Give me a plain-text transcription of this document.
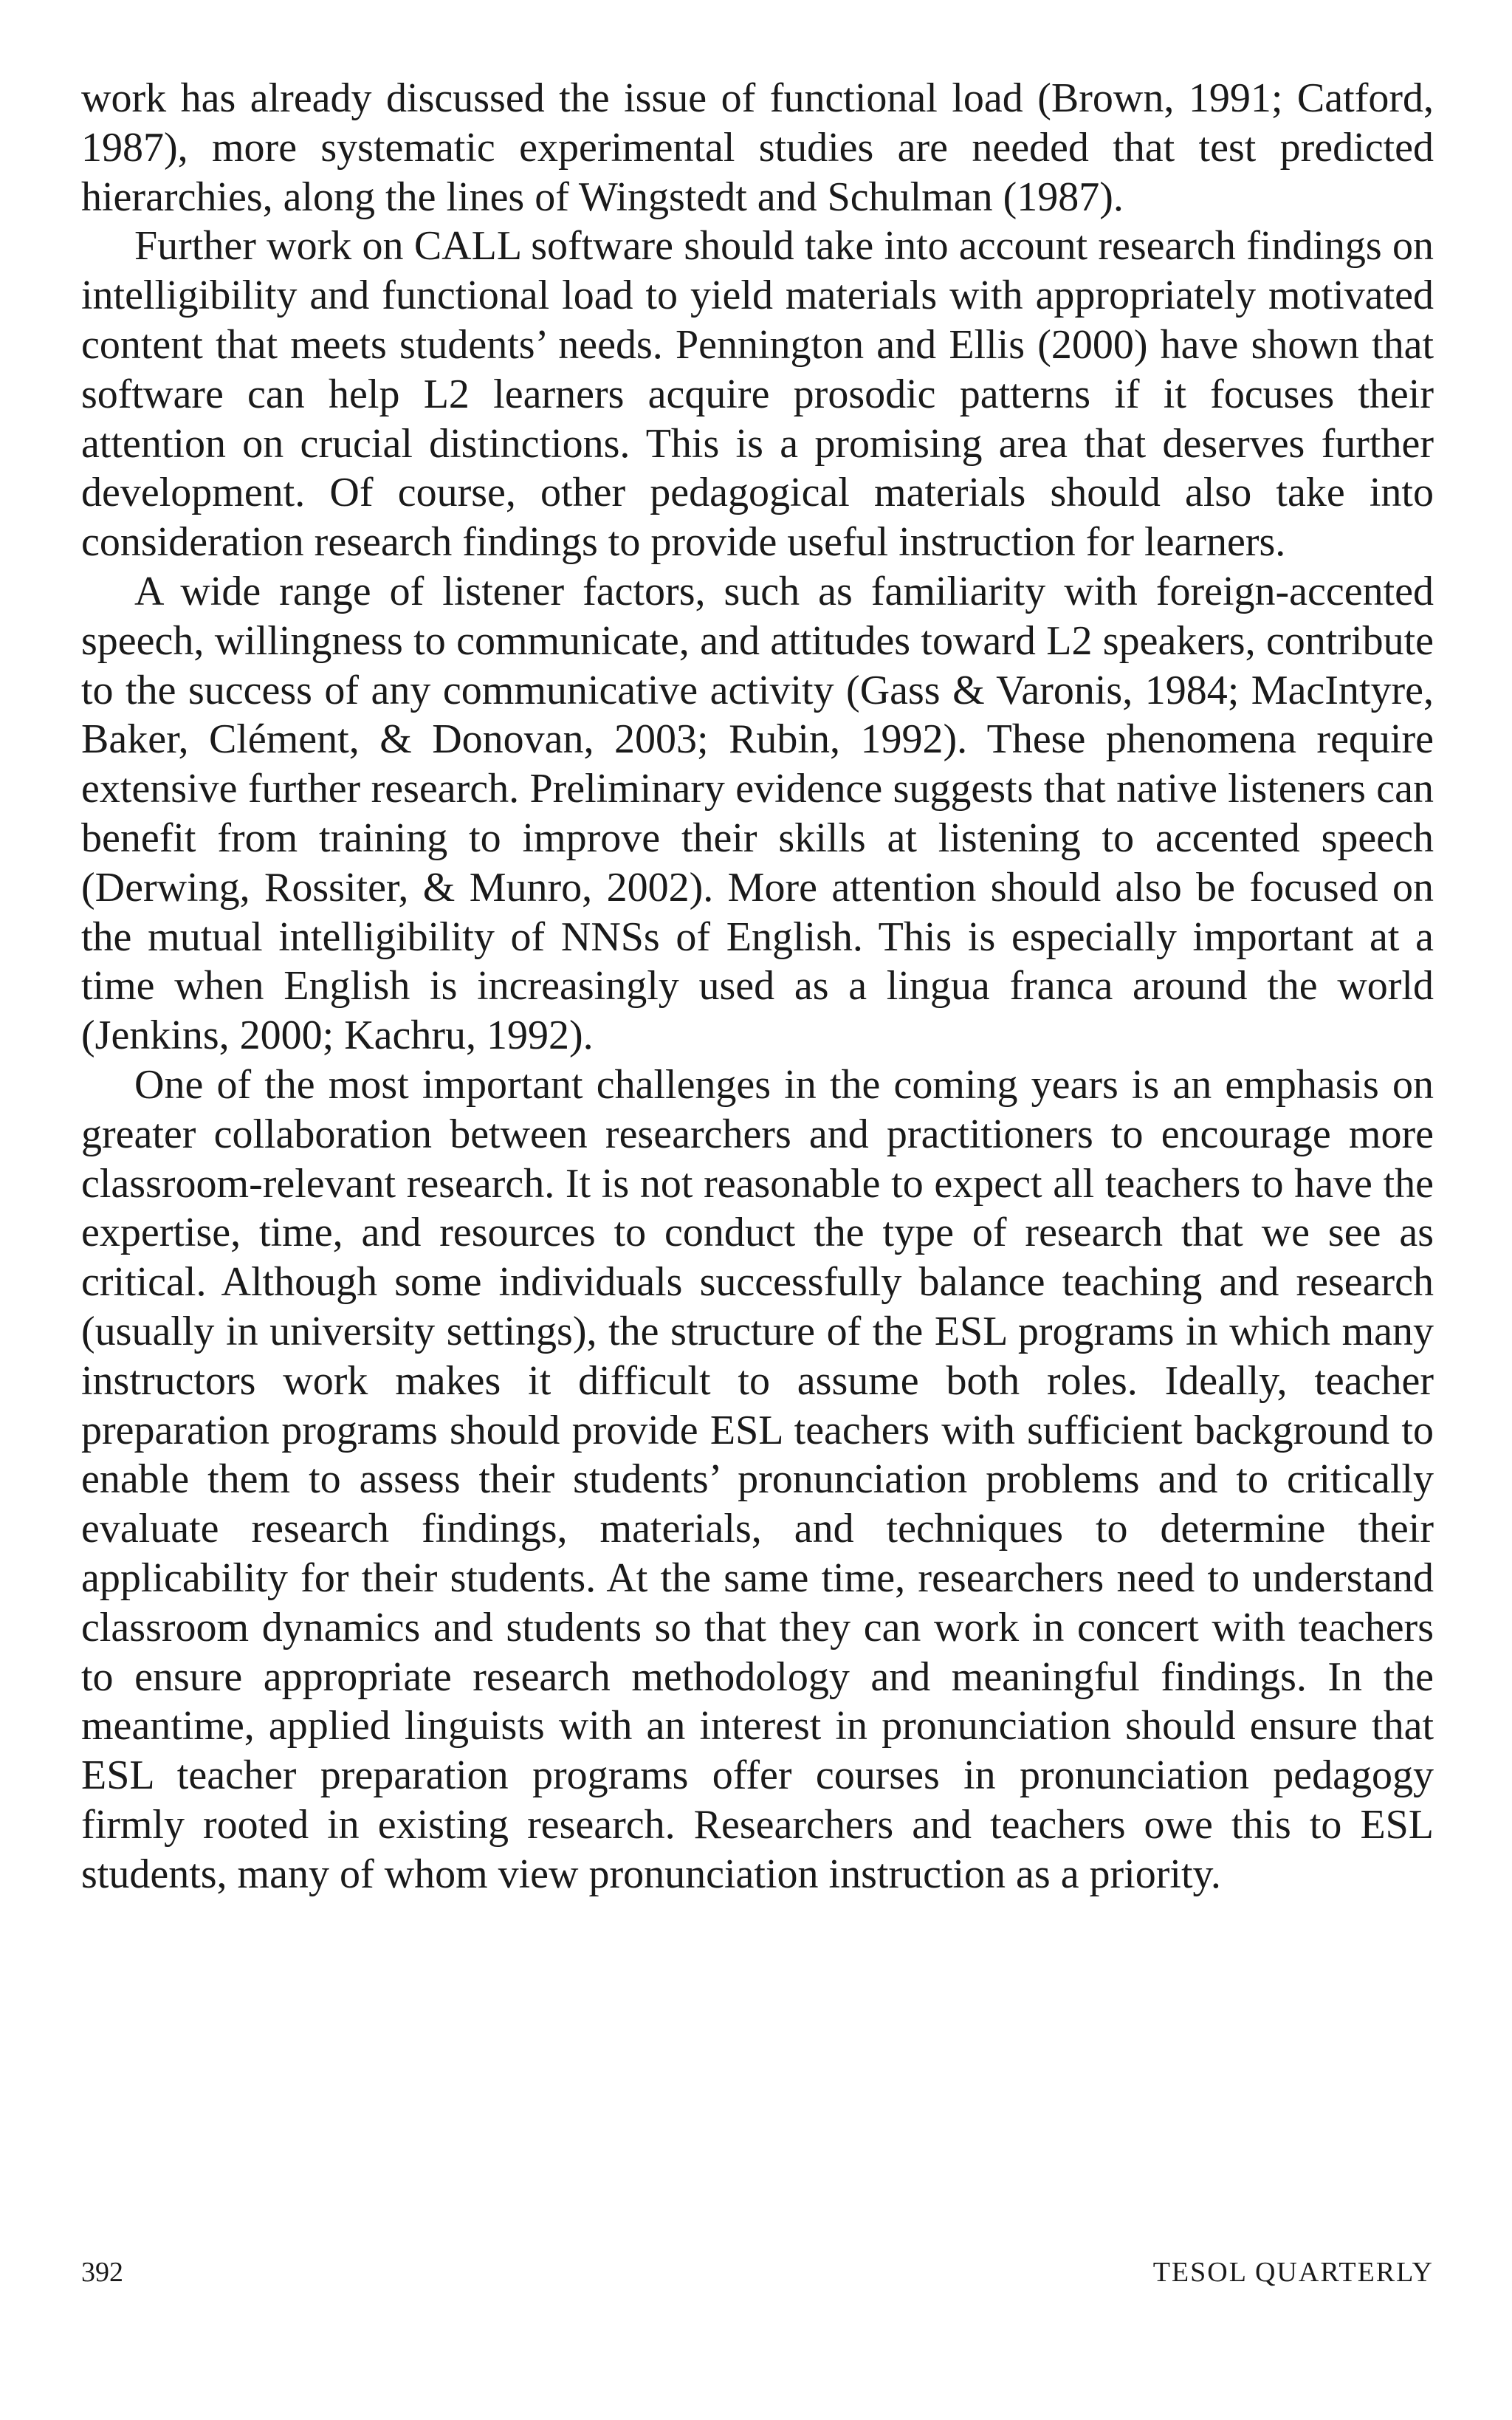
work has already discussed the issue of functional load (Brown, 1991; Catford, 1987), more systematic experimental studies are needed that test predicted hierarchies, along the lines of Wingstedt and Schulman (1987).

Further work on CALL software should take into account research findings on intelligibility and functional load to yield materials with appropriately motivated content that meets students’ needs. Pennington and Ellis (2000) have shown that software can help L2 learners acquire prosodic patterns if it focuses their attention on crucial distinctions. This is a promising area that deserves further development. Of course, other pedagogical materials should also take into consideration research findings to provide useful instruction for learners.

A wide range of listener factors, such as familiarity with foreign-accented speech, willingness to communicate, and attitudes toward L2 speakers, contribute to the success of any communicative activity (Gass & Varonis, 1984; MacIntyre, Baker, Clément, & Donovan, 2003; Rubin, 1992). These phenomena require extensive further research. Preliminary evidence suggests that native listeners can benefit from training to improve their skills at listening to accented speech (Derwing, Rossiter, & Munro, 2002). More attention should also be focused on the mutual intelligibility of NNSs of English. This is especially important at a time when English is increasingly used as a lingua franca around the world (Jenkins, 2000; Kachru, 1992).

One of the most important challenges in the coming years is an emphasis on greater collaboration between researchers and practitioners to encourage more classroom-relevant research. It is not reasonable to expect all teachers to have the expertise, time, and resources to conduct the type of research that we see as critical. Although some individuals successfully balance teaching and research (usually in university settings), the structure of the ESL programs in which many instructors work makes it difficult to assume both roles. Ideally, teacher preparation programs should provide ESL teachers with sufficient background to enable them to assess their students’ pronunciation problems and to critically evaluate research findings, materials, and techniques to determine their applicability for their students. At the same time, researchers need to understand classroom dynamics and students so that they can work in concert with teachers to ensure appropriate research methodology and meaningful findings. In the meantime, applied linguists with an interest in pronunciation should ensure that ESL teacher preparation programs offer courses in pronunciation pedagogy firmly rooted in existing research. Researchers and teachers owe this to ESL students, many of whom view pronunciation instruction as a priority.

392	TESOL QUARTERLY
